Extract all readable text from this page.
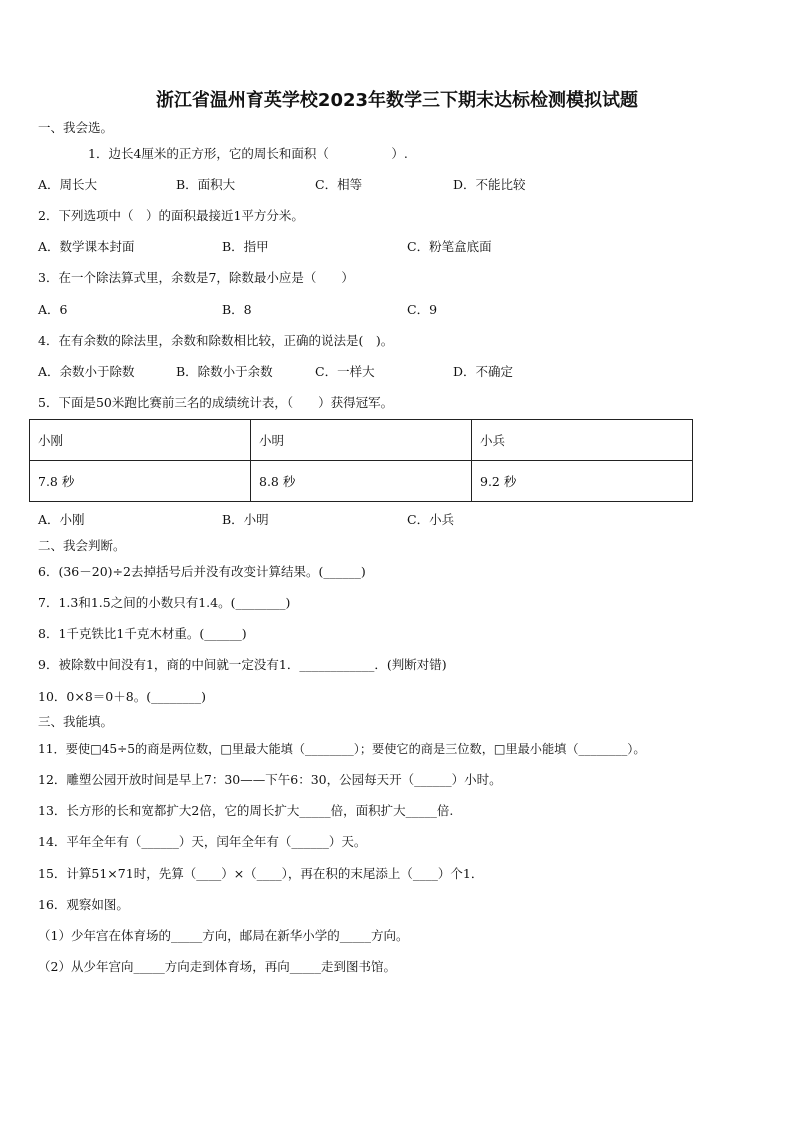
浙江省温州育英学校2023年数学三下期末达标检测模拟试题
一、我会选。
1．边长4厘米的正方形，它的周长和面积（　　　　　）.
A．周长大	B．面积大	C．相等	D．不能比较
2．下列选项中（　）的面积最接近1平方分米。
A．数学课本封面	B．指甲	C．粉笔盒底面
3．在一个除法算式里，余数是7，除数最小应是（　　）
A．6	B．8	C．9
4．在有余数的除法里，余数和除数相比较，正确的说法是(　)。
A．余数小于除数	B．除数小于余数	C．一样大	D．不确定
5．下面是50米跑比赛前三名的成绩统计表，（　　）获得冠军。
小刚	小明	小兵
7.8 秒	8.8 秒	9.2 秒
A．小刚	B．小明	C．小兵
二、我会判断。
6．(36－20)÷2去掉括号后并没有改变计算结果。(______)
7．1.3和1.5之间的小数只有1.4。(________)
8．1千克铁比1千克木材重。(______)
9．被除数中间没有1，商的中间就一定没有1．____________．(判断对错)
10．0×8＝0＋8。(________)
三、我能填。
11．要使□45÷5的商是两位数，□里最大能填（________）；要使它的商是三位数，□里最小能填（________）。
12．雕塑公园开放时间是早上7：30——下午6：30，公园每天开（______）小时。
13．长方形的长和宽都扩大2倍，它的周长扩大_____倍，面积扩大_____倍.
14．平年全年有（______）天，闰年全年有（______）天。
15．计算51×71时，先算（____）×（____），再在积的末尾添上（____）个1．
16．观察如图。
（1）少年宫在体育场的_____方向，邮局在新华小学的_____方向。
（2）从少年宫向_____方向走到体育场，再向_____走到图书馆。
